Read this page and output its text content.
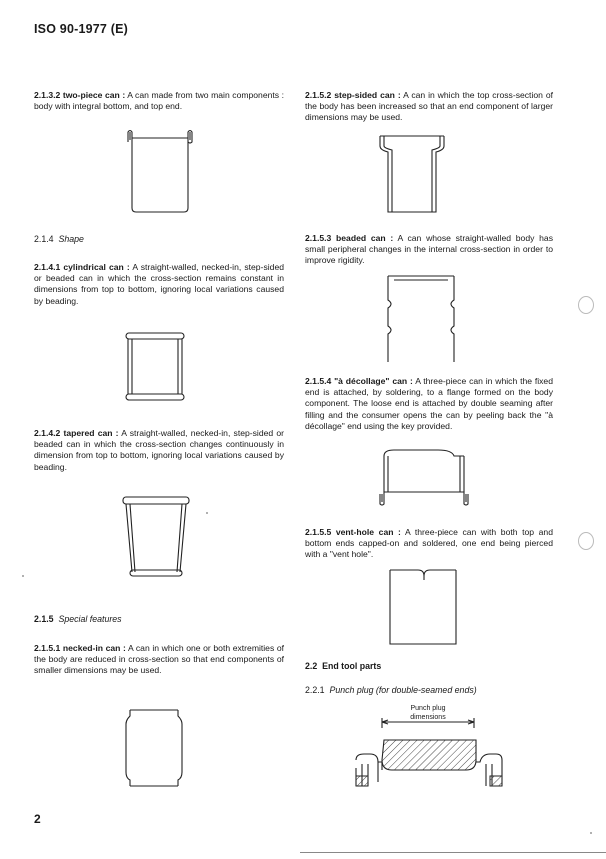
ISO 90-1977 (E)
2.1.3.2 two-piece can : A can made from two main components : body with integral bottom, and top end.
2.1.4 Shape
2.1.4.1 cylindrical can : A straight-walled, necked-in, step-sided or beaded can in which the cross-section remains constant in dimensions from top to bottom, ignoring local variations caused by beading.
2.1.4.2 tapered can : A straight-walled, necked-in, step-sided or beaded can in which the cross-section changes continuously in dimension from top to bottom, ignoring local variations caused by beading.
2.1.5 Special features
2.1.5.1 necked-in can : A can in which one or both extremities of the body are reduced in cross-section so that end components of smaller dimensions may be used.
2
2.1.5.2 step-sided can : A can in which the top cross-section of the body has been increased so that an end component of larger dimensions may be used.
2.1.5.3 beaded can : A can whose straight-walled body has small peripheral changes in the internal cross-section in order to improve rigidity.
2.1.5.4 "à décollage" can : A three-piece can in which the fixed end is attached, by soldering, to a flange formed on the body component. The loose end is attached by double seaming after filling and the consumer opens the can by peeling back the "à décollage" end using the key provided.
2.1.5.5 vent-hole can : A three-piece can with both top and bottom ends capped-on and soldered, one end being pierced with a "vent hole".
2.2 End tool parts
2.2.1 Punch plug (for double-seamed ends)
Punch plug
dimensions
